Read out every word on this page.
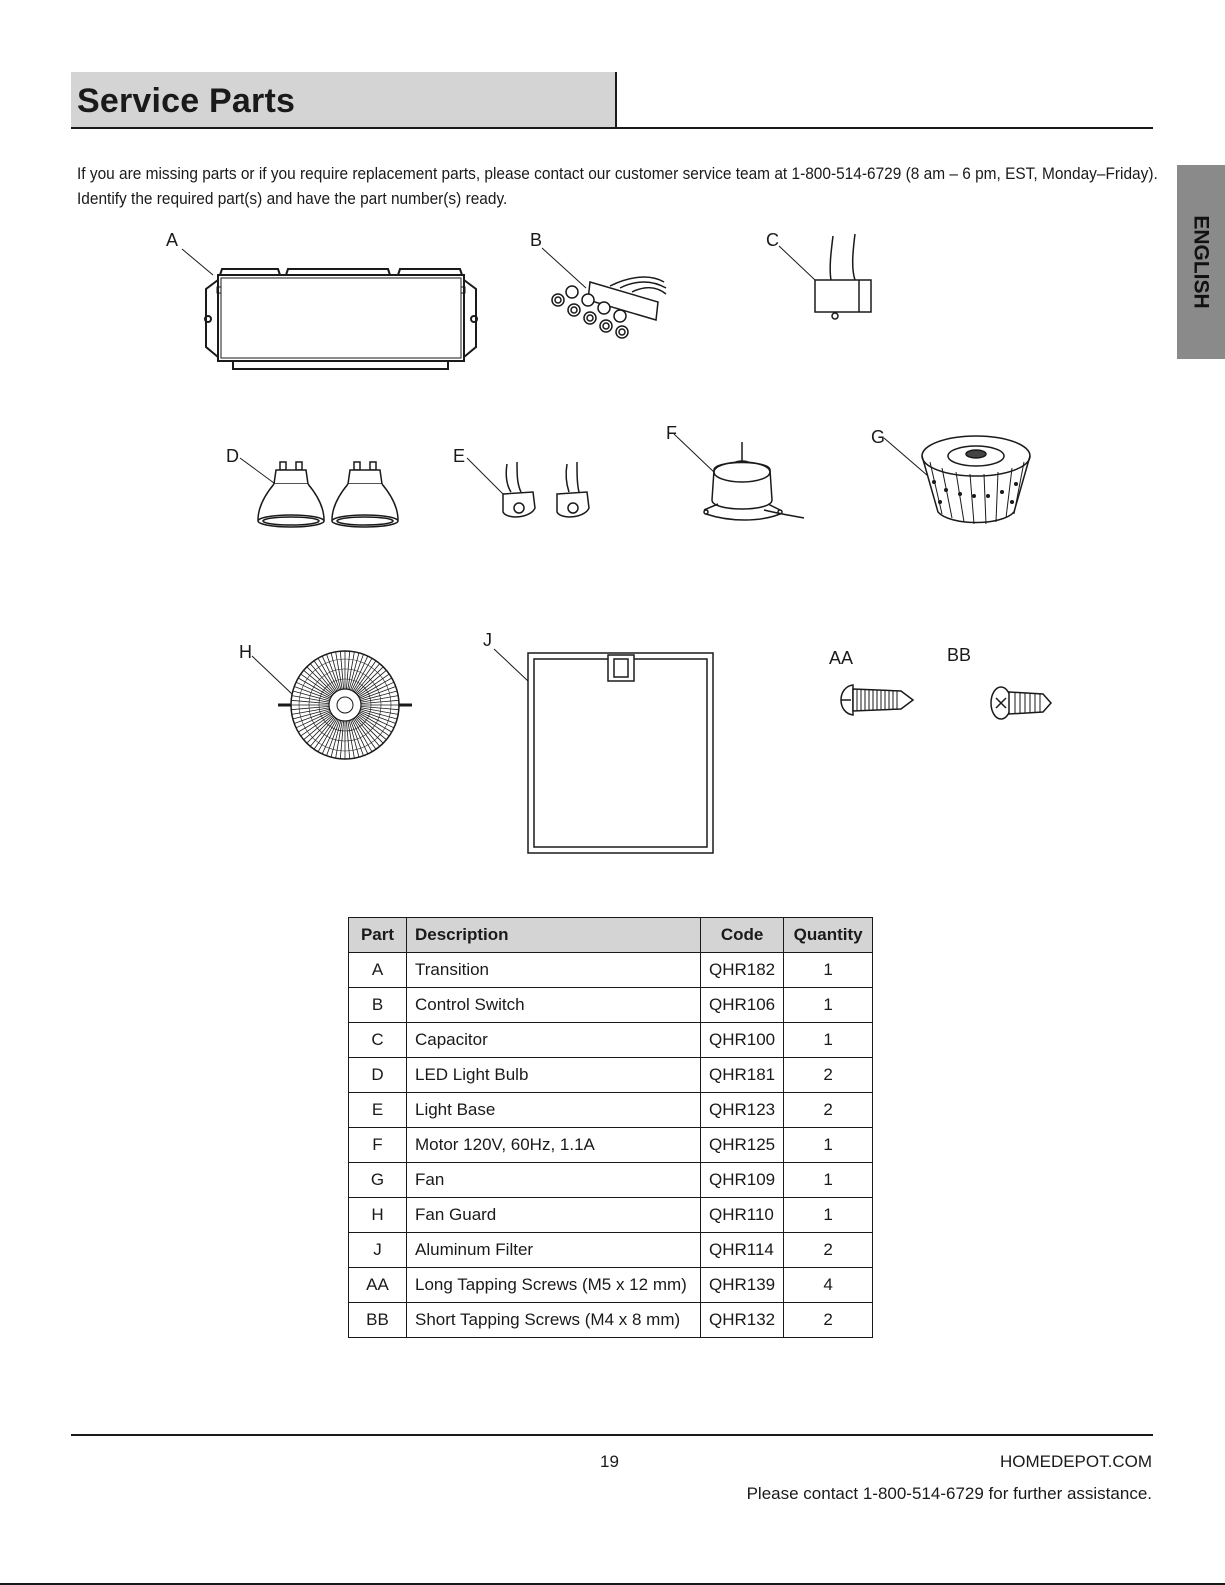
Service Parts
ENGLISH
If you are missing parts or if you require replacement parts, please contact our customer service team at 1-800-514-6729 (8 am – 6 pm, EST, Monday–Friday). Identify the required part(s) and have the part number(s) ready.
A	B	C
D	E
F	G
H
J
AA	BB
Part	Description	Code	Quantity
A	Transition	QHR182	1
B	Control Switch	QHR106	1
C	Capacitor	QHR100	1
D	LED Light Bulb	QHR181	2
E	Light Base	QHR123	2
F	Motor 120V, 60Hz, 1.1A	QHR125	1
G	Fan	QHR109	1
H	Fan Guard	QHR110	1
J	Aluminum Filter	QHR114	2
AA	Long Tapping Screws (M5 x 12 mm)	QHR139	4
BB	Short Tapping Screws (M4 x 8 mm)	QHR132	2
19	HOMEDEPOT.COM
Please contact 1-800-514-6729 for further assistance.
